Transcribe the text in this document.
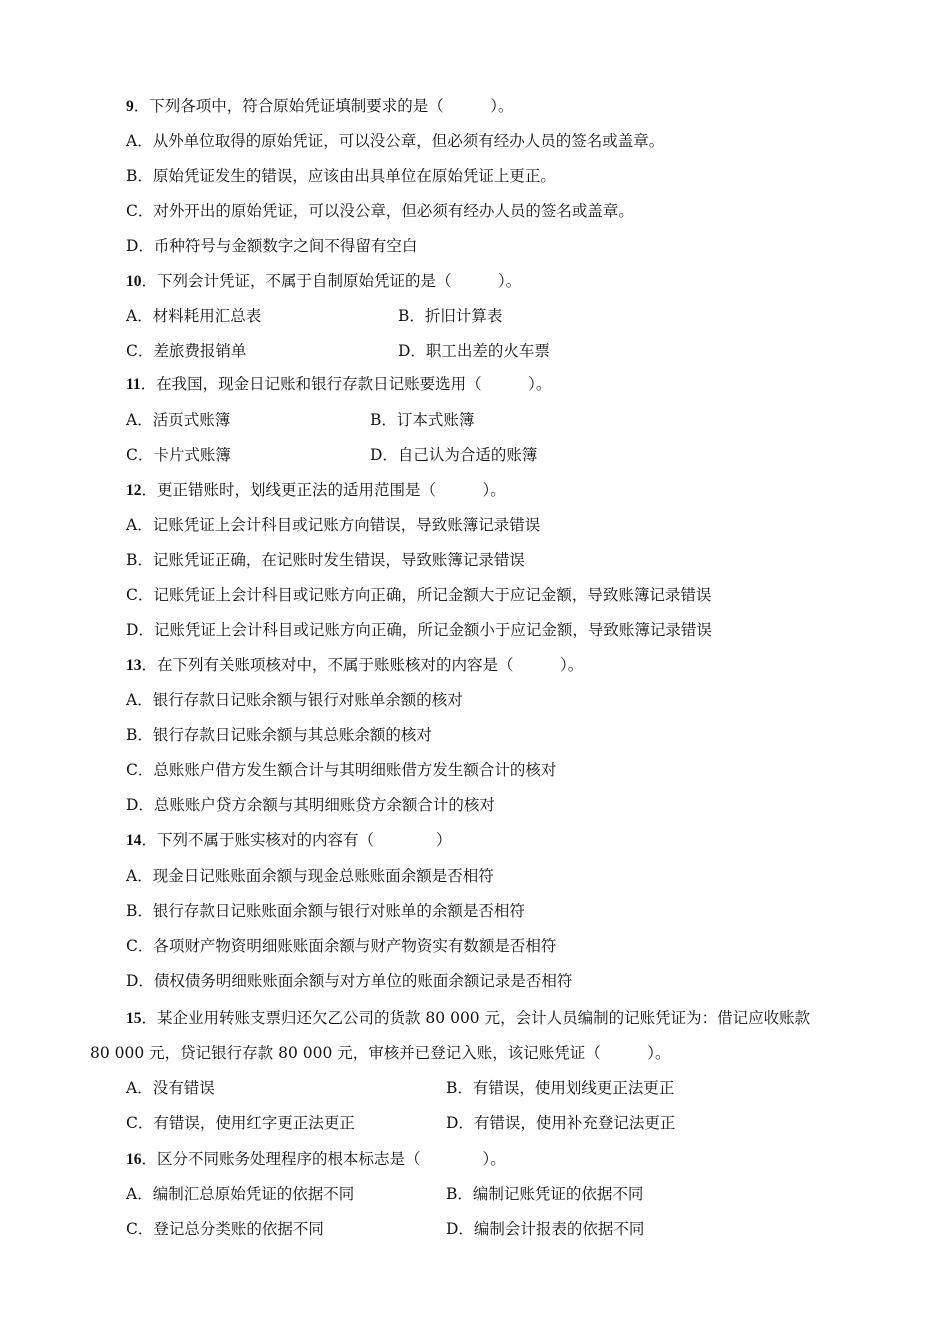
9．下列各项中，符合原始凭证填制要求的是（　　　）。
A．从外单位取得的原始凭证，可以没公章，但必须有经办人员的签名或盖章。
B．原始凭证发生的错误，应该由出具单位在原始凭证上更正。
C．对外开出的原始凭证，可以没公章，但必须有经办人员的签名或盖章。
D．币种符号与金额数字之间不得留有空白
10．下列会计凭证，不属于自制原始凭证的是（　　　）。
A．材料耗用汇总表	B．折旧计算表
C．差旅费报销单	D．职工出差的火车票
11．在我国，现金日记账和银行存款日记账要选用（　　　）。
A．活页式账簿	B．订本式账簿
C．卡片式账簿	D．自己认为合适的账簿
12．更正错账时，划线更正法的适用范围是（　　　）。
A．记账凭证上会计科目或记账方向错误，导致账簿记录错误
B．记账凭证正确，在记账时发生错误，导致账簿记录错误
C．记账凭证上会计科目或记账方向正确，所记金额大于应记金额，导致账簿记录错误
D．记账凭证上会计科目或记账方向正确，所记金额小于应记金额，导致账簿记录错误
13．在下列有关账项核对中，不属于账账核对的内容是（　　　）。
A．银行存款日记账余额与银行对账单余额的核对
B．银行存款日记账余额与其总账余额的核对
C．总账账户借方发生额合计与其明细账借方发生额合计的核对
D．总账账户贷方余额与其明细账贷方余额合计的核对
14．下列不属于账实核对的内容有（　　　　）
A．现金日记账账面余额与现金总账账面余额是否相符
B．银行存款日记账账面余额与银行对账单的余额是否相符
C．各项财产物资明细账账面余额与财产物资实有数额是否相符
D．债权债务明细账账面余额与对方单位的账面余额记录是否相符
15．某企业用转账支票归还欠乙公司的货款 80 000 元，会计人员编制的记账凭证为：借记应收账款
80 000 元，贷记银行存款 80 000 元，审核并已登记入账，该记账凭证（　　　）。
A．没有错误	B．有错误，使用划线更正法更正
C．有错误，使用红字更正法更正	D．有错误，使用补充登记法更正
16．区分不同账务处理程序的根本标志是（　　　　）。
A．编制汇总原始凭证的依据不同	B．编制记账凭证的依据不同
C．登记总分类账的依据不同	D．编制会计报表的依据不同
